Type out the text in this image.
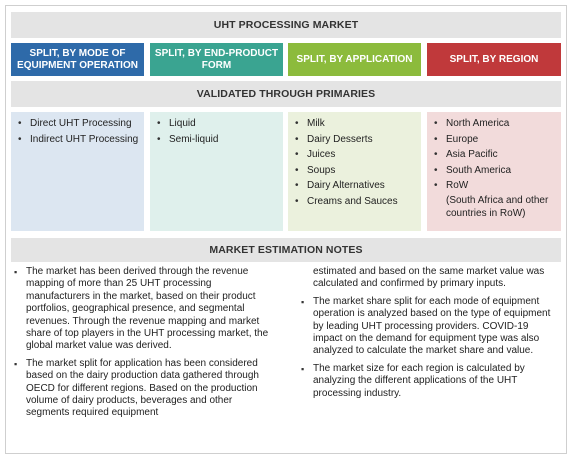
UHT PROCESSING MARKET
SPLIT, BY MODE OF EQUIPMENT OPERATION
SPLIT, BY END-PRODUCT FORM
SPLIT, BY APPLICATION	SPLIT, BY REGION
VALIDATED THROUGH PRIMARIES
• Direct UHT Processing
• Indirect UHT Processing
• Liquid
• Semi-liquid
• Milk
• Dairy Desserts
• Juices
• Soups
• Dairy Alternatives
• Creams and Sauces
• North America
• Europe
• Asia Pacific
• South America
• RoW
(South Africa and other countries in RoW)
MARKET ESTIMATION NOTES
▪ The market has been derived through the revenue mapping of more than 25 UHT processing manufacturers in the market, based on their product portfolios, geographical presence, and segmental revenues. Through the revenue mapping and market share of top players in the UHT processing market, the global market value was derived.
▪ The market split for application has been considered based on the dairy production data gathered through OECD for different regions. Based on the production volume of dairy products, beverages and other segments required equipment
estimated and based on the same market value was calculated and confirmed by primary inputs.
▪ The market share split for each mode of equipment operation is analyzed based on the type of equipment by leading UHT processing providers. COVID-19 impact on the demand for equipment type was also analyzed to calculate the market share and value.
▪ The market size for each region is calculated by analyzing the different applications of the UHT processing industry.
